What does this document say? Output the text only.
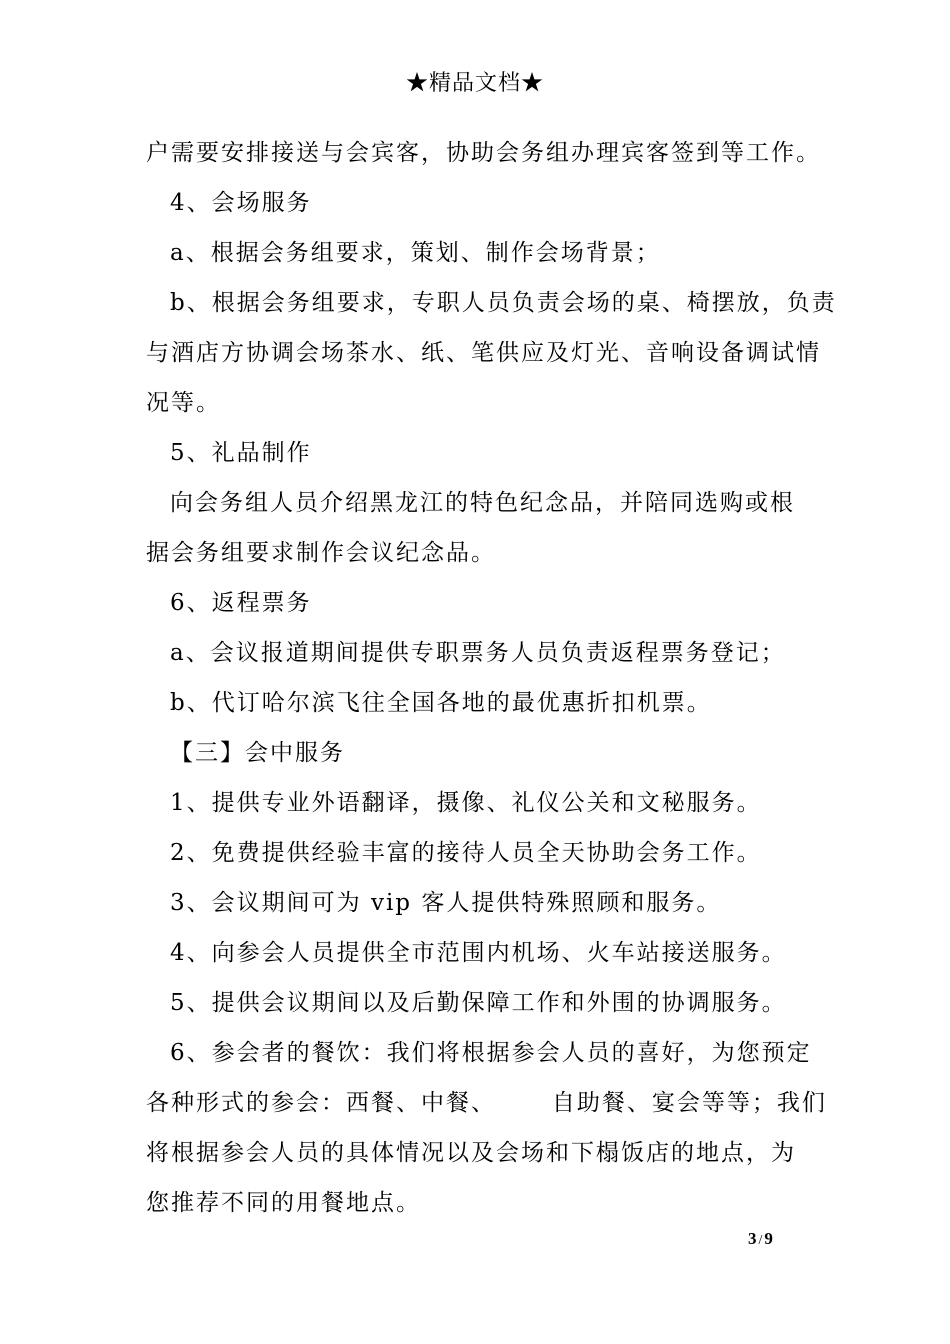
★精品文档★
户需要安排接送与会宾客，协助会务组办理宾客签到等工作。
4、会场服务
a、根据会务组要求，策划、制作会场背景；
b、根据会务组要求，专职人员负责会场的桌、椅摆放，负责
与酒店方协调会场茶水、纸、笔供应及灯光、音响设备调试情
况等。
5、礼品制作
向会务组人员介绍黑龙江的特色纪念品，并陪同选购或根
据会务组要求制作会议纪念品。
6、返程票务
a、会议报道期间提供专职票务人员负责返程票务登记；
b、代订哈尔滨飞往全国各地的最优惠折扣机票。
【三】会中服务
1、提供专业外语翻译，摄像、礼仪公关和文秘服务。
2、免费提供经验丰富的接待人员全天协助会务工作。
3、会议期间可为 vip 客人提供特殊照顾和服务。
4、向参会人员提供全市范围内机场、火车站接送服务。
5、提供会议期间以及后勤保障工作和外围的协调服务。
6、参会者的餐饮：我们将根据参会人员的喜好，为您预定
各种形式的参会：西餐、中餐、      自助餐、宴会等等；我们
将根据参会人员的具体情况以及会场和下榻饭店的地点，为
您推荐不同的用餐地点。
3 / 9
